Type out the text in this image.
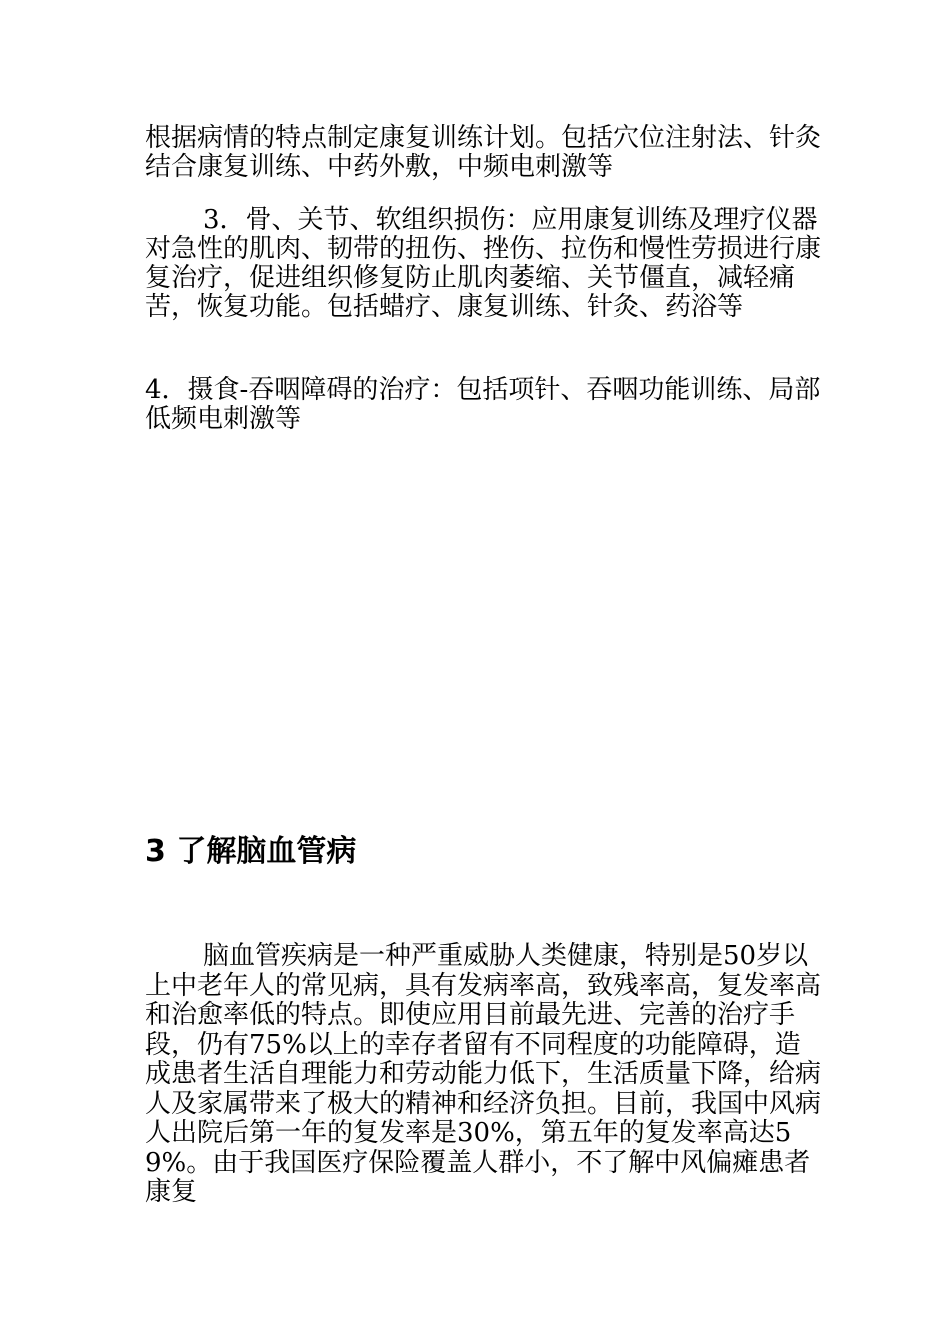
根据病情的特点制定康复训练计划。包括穴位注射法、针灸结合康复训练、中药外敷，中频电刺激等

3．骨、关节、软组织损伤：应用康复训练及理疗仪器对急性的肌肉、韧带的扭伤、挫伤、拉伤和慢性劳损进行康复治疗，促进组织修复防止肌肉萎缩、关节僵直，减轻痛苦，恢复功能。包括蜡疗、康复训练、针灸、药浴等

4．摄食-吞咽障碍的治疗：包括项针、吞咽功能训练、局部低频电刺激等

3 了解脑血管病

脑血管疾病是一种严重威胁人类健康，特别是50岁以上中老年人的常见病，具有发病率高，致残率高，复发率高和治愈率低的特点。即使应用目前最先进、完善的治疗手段，仍有75%以上的幸存者留有不同程度的功能障碍，造成患者生活自理能力和劳动能力低下，生活质量下降，给病人及家属带来了极大的精神和经济负担。目前，我国中风病人出院后第一年的复发率是30%，第五年的复发率高达59%。由于我国医疗保险覆盖人群小，不了解中风偏瘫患者康复
